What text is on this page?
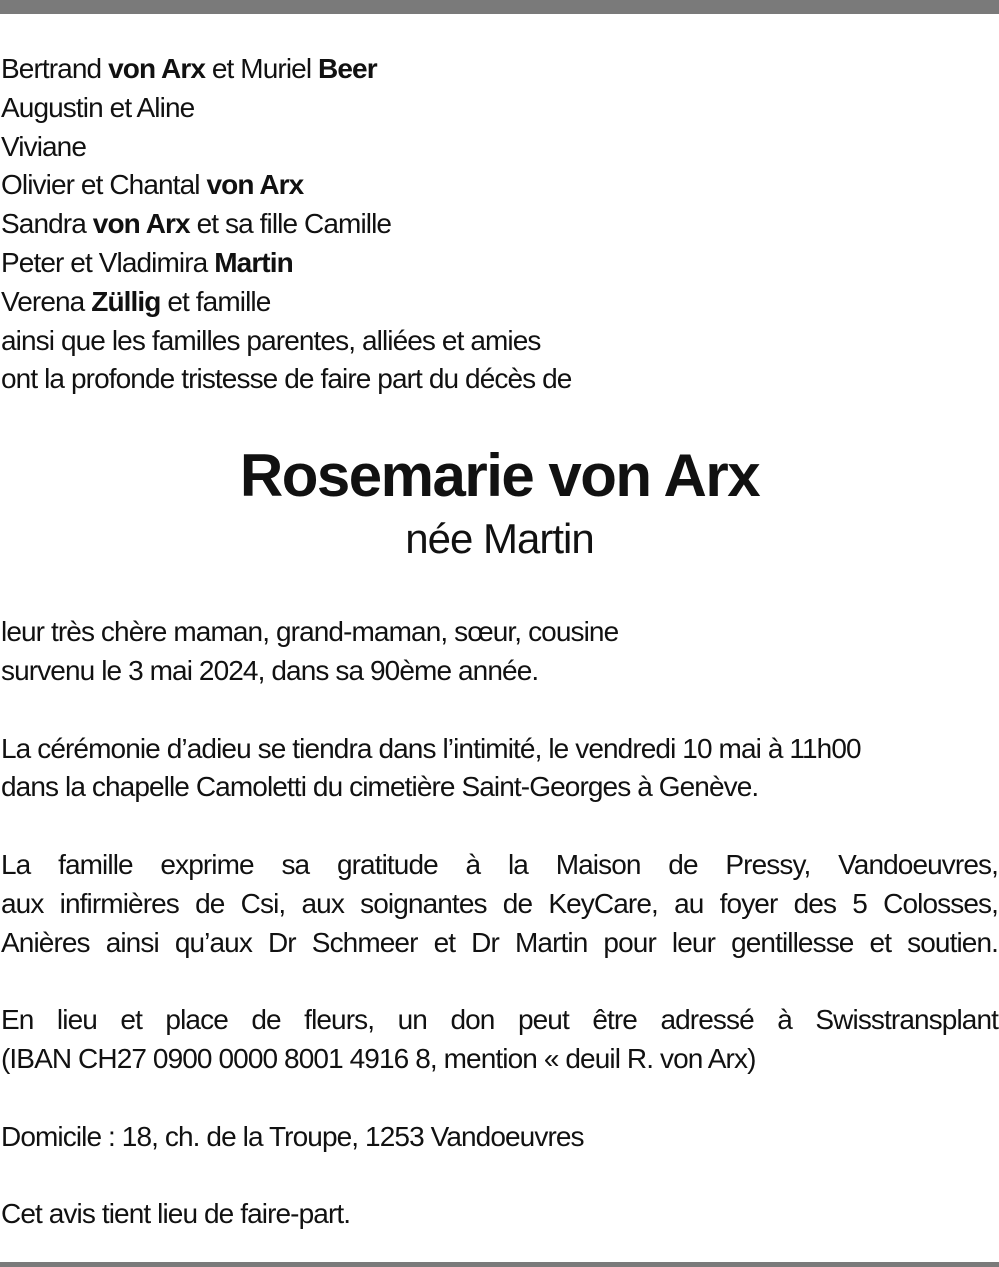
Bertrand von Arx et Muriel Beer
Augustin et Aline
Viviane
Olivier et Chantal von Arx
Sandra von Arx et sa fille Camille
Peter et Vladimira Martin
Verena Züllig et famille
ainsi que les familles parentes, alliées et amies
ont la profonde tristesse de faire part du décès de
Rosemarie von Arx
née Martin
leur très chère maman, grand-maman, sœur, cousine
survenu le 3 mai 2024, dans sa 90ème année.
La cérémonie d’adieu se tiendra dans l’intimité, le vendredi 10 mai à 11h00
dans la chapelle Camoletti du cimetière Saint-Georges à Genève.
La famille exprime sa gratitude à la Maison de Pressy, Vandoeuvres,
aux infirmières de Csi, aux soignantes de KeyCare, au foyer des 5 Colosses,
Anières ainsi qu’aux Dr Schmeer et Dr Martin pour leur gentillesse et soutien.
En lieu et place de fleurs, un don peut être adressé à Swisstransplant
(IBAN CH27 0900 0000 8001 4916 8, mention « deuil R. von Arx)
Domicile : 18, ch. de la Troupe, 1253 Vandoeuvres
Cet avis tient lieu de faire-part.
